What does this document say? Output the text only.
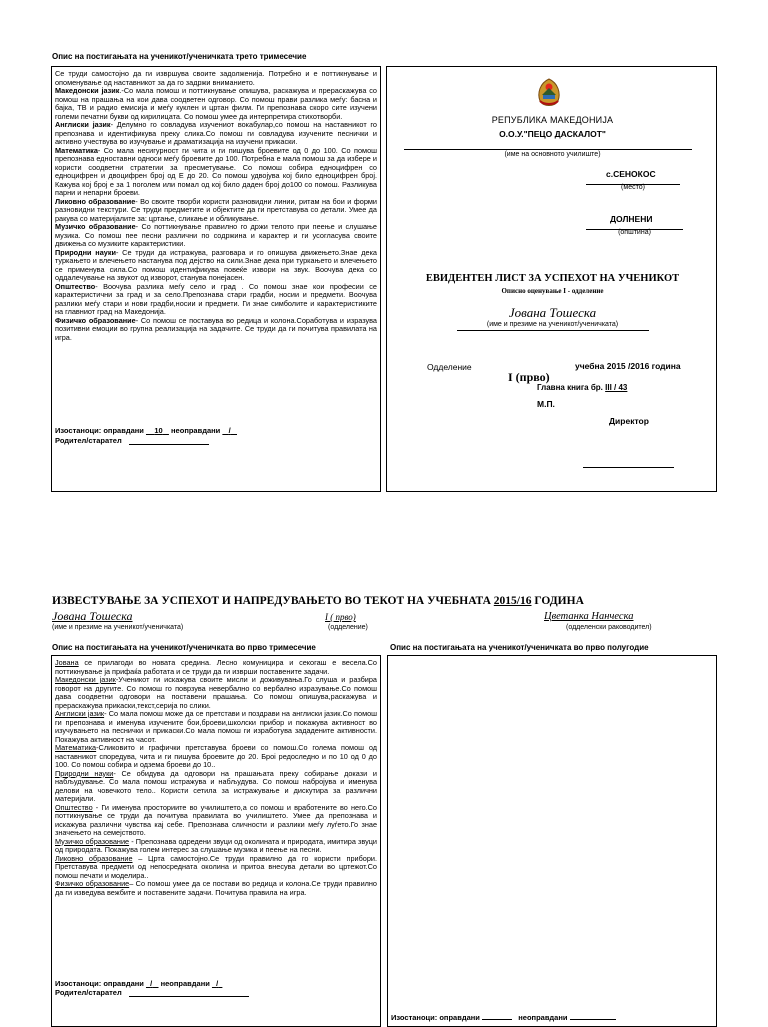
Опис на постигањата на ученикот/ученичката трето тримесечие
Се труди самостојно да ги извршува своите задолженија. Потребно и е поттикнување и опоменување од наставникот за да го задржи вниманието.
Македонски јазик.-Со мала помош и поттикнување опишува, раскажува и прераскажува со помош на прашања на кои дава соодветен одговор. Со помош прави разлика меѓу: басна и бајка, ТВ и радио емисија и меѓу куклен и цртан филм. Ги препознава скоро сите изучени големи печатни букви од кирилицата. Со помош умее да интерпретира стихотворби.
Англиски јазик- Делумно го совладува изучениот вокабулар,со помош на наставникот го препознава и идентификува преку слика.Со помош ги совладува изучените песнички и активно учествува во изучување и драматизација на изучени прикаски.
Математика- Со мала несигурност ги чита и ги пишува броевите од 0 до 100. Со помош препознава едноставни односи меѓу броевите до 100. Потребна е мала помош за да избере и користи соодветни стратегии за пресметување. Со помош собира едноцифрен со едноцифрен и двоцифрен број од Е до 20. Со помош удвојува кој било едноцифрен број. Кажува кој број е за 1 поголем или помал од кој било даден број до100 со помош. Разликува парни и непарни броеви.
Ликовно образование- Во своите творби користи разновидни линии, ритам на бои и форми разновидни текстури. Се труди предметите и објектите да ги претставува со детали. Умее да ракува со материјалите за: цртање, сликање и обликување.
Музичко образование- Со поттикнување правилно го држи телото при пеење и слушање музика. Со помош пее песни различни по содржина и карактер и ги усогласува своите движења со музиките карактеристики.
Природни науки- Се труди да истражува, разговара и го опишува движењето.Знае дека туркањето и влечењето настанува под дејство на сили.Знае дека при туркањето и влечењето се применува сила.Со помош идентификува повеќе извори на звук. Воочува дека со оддалечување на звукот од изворот, станува понејасен.
Општество- Воочува разлика меѓу село и град . Со помош знае кои професии се карактеристични за град и за село.Препознава стари градби, носии и предмети. Воочува разлики меѓу стари и нови градби,носии и предмети. Ги знае симболите и карактеристиките на главниот град на Македонија.
Физичко образование- Со помош се поставува во редица и колона.Сорабoтува и изразува позитивни емоции во групна реализација на задачите. Се труди да ги почитува правилата на игра.
Изостаноци: оправдани 10 неоправдани /
Родител/старател
РЕПУБЛИКА МАКЕДОНИЈА
О.О.У."ПЕЦО ДАСКАЛОТ"
(име на основното училиште)
с.СЕНОКОС
(место)
ДОЛНЕНИ
(општина)
ЕВИДЕНТЕН ЛИСТ ЗА УСПЕХОТ НА УЧЕНИКОТ
Описно оценување I - одделение
Јована Тошеска
(име и презиме на ученикот/ученичката)
Одделение
I (прво)
учебна 2015 /2016 година
Главна книга бр. III / 43
Директор
М.П.
ИЗВЕСТУВАЊЕ ЗА УСПЕХОТ И НАПРЕДУВАЊЕТО ВО ТЕКОТ НА УЧЕБНАТА 2015/16 ГОДИНА
Јована Тошеска	I ( прво)	Цветанка Нанческа
(име и презиме на ученикот/ученичката)	(одделение)	(одделенски раководител)
Опис на постигањата на ученикот/ученичката во прво тримесечие	Опис на постигањата на ученикот/ученичката во прво полугодие
Јована се прилагоди во новата средина. Лесно комуницира и секогаш е весела.Со поттикнување ја прифаќа работата и се труди да ги изврши поставените задачи.
Македонски јазик-Ученикот ги искажува своите мисли и доживувања.Го слуша и разбира говорот на другите. Со помош го поврзува невербално со вербално изразување.Со помош дава соодветни одговори на поставени прашања. Со помош опишува,раскажува и прераскажува прикаски,текст,серија по слики.
Англиски јазик- Со мала помош може да се претстави и поздрави на англиски јазик.Со помош ги препознава и именува изучените бои,броеви,школски прибор и покажува активност во изучувањето на песнички и прикаски.Со мала помош ги изработува зададените активности. Покажува активност на часот.
Математика-Сликовито и графички претставува броеви со помош.Со голема помош од наставникот споредува, чита и ги пишува броевите до 20. Броi редоследно и по 10 од 0 до 100. Со помош собира и одзема броеви до 10..
Природни науки- Се обидува да одговори на прашањата преку собирање докази и набљудување. Со мала помош истражува и набљудува. Со помош набројува и именува делови на човечкото тело.. Користи сетила за истражување и дискутира за различни материјали.
Општество - Ги именува просториите во училиштето,а со помош и вработените во него.Со поттикнување се труди да почитува правилата во училиштето. Умее да препознава и искажува различни чувства кај себе. Препознава сличности и разлики меѓу луѓето.Го знае значењето на семејството.
Музичко образование - Препознава одредени звуци од околината и природата, имитира звуци од природата. Покажува голем интерес за слушање музика и пеење на песни.
Ликовно образование – Црта самостојно.Се труди правилно да го користи прибори. Претставува предмети од непосредната околина и притоа внесува детали во цртежот.Со помош печати и моделира..
Физичко образование– Со помош умее да се постави во редица и колона.Се труди правилно да ги изведува вежбите и поставените задачи. Почитува правила на игра.
Изостаноци: оправдани / неоправдани /
Родител/старател
Изостаноци: оправдани	неоправдани
